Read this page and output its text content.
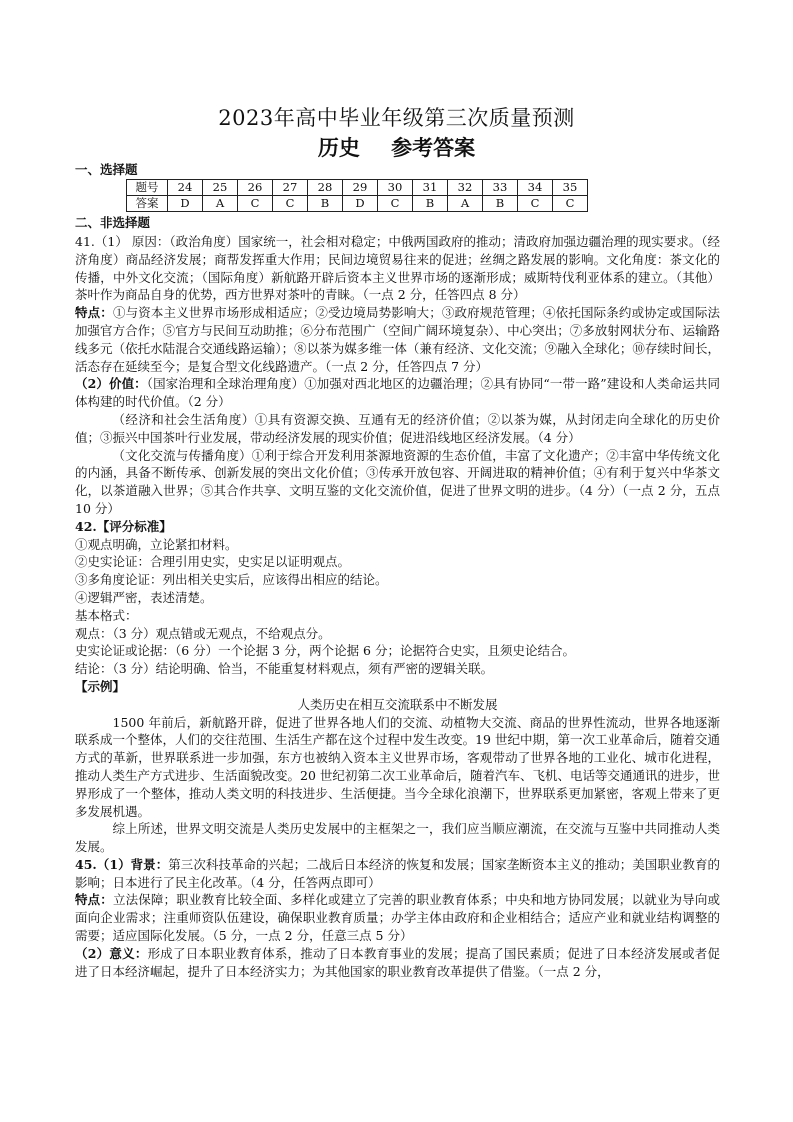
2023年高中毕业年级第三次质量预测
历史 参考答案
一、选择题
题号	24	25	26	27	28	29	30	31	32	33	34	35
答案	D	A	C	C	B	D	C	B	A	B	C	C
二、非选择题

41.（1） 原因：（政治角度）国家统一，社会相对稳定；中俄两国政府的推动；清政府加强边疆治理的现实要求。（经济角度）商品经济发展；商帮发挥重大作用；民间边境贸易往来的促进；丝绸之路发展的影响。文化角度：茶文化的传播，中外文化交流；（国际角度）新航路开辟后资本主义世界市场的逐渐形成；威斯特伐利亚体系的建立。（其他）茶叶作为商品自身的优势，西方世界对茶叶的青睐。（一点 2 分，任答四点 8 分）

特点：①与资本主义世界市场形成相适应；②受边境局势影响大；③政府规范管理；④依托国际条约或协定或国际法加强官方合作；⑤官方与民间互动助推；⑥分布范围广（空间广阔环境复杂）、中心突出；⑦多放射网状分布、运输路线多元（依托水陆混合交通线路运输）；⑧以茶为媒多维一体（兼有经济、文化交流；⑨融入全球化；⑩存续时间长，活态存在延续至今；是复合型文化线路遗产。（一点 2 分，任答四点 7 分）

（2）价值：（国家治理和全球治理角度）①加强对西北地区的边疆治理；②具有协同“一带一路”建设和人类命运共同体构建的时代价值。（2 分）

（经济和社会生活角度）①具有资源交换、互通有无的经济价值；②以茶为媒，从封闭走向全球化的历史价值；③振兴中国茶叶行业发展，带动经济发展的现实价值；促进沿线地区经济发展。（4 分）

（文化交流与传播角度）①利于综合开发利用茶源地资源的生态价值，丰富了文化遗产；②丰富中华传统文化的内涵，具备不断传承、创新发展的突出文化价值；③传承开放包容、开阔进取的精神价值；④有利于复兴中华茶文化，以茶道融入世界；⑤其合作共享、文明互鉴的文化交流价值，促进了世界文明的进步。（4 分）（一点 2 分，五点 10 分）

42.【评分标准】

①观点明确，立论紧扣材料。

②史实论证：合理引用史实，史实足以证明观点。

③多角度论证：列出相关史实后，应该得出相应的结论。

④逻辑严密，表述清楚。

基本格式：

观点：（3 分）观点错或无观点，不给观点分。

史实论证或论据：（6 分）一个论据 3 分，两个论据 6 分；论据符合史实，且须史论结合。

结论：（3 分）结论明确、恰当，不能重复材料观点，须有严密的逻辑关联。

【示例】

人类历史在相互交流联系中不断发展

1500 年前后，新航路开辟，促进了世界各地人们的交流、动植物大交流、商品的世界性流动，世界各地逐渐联系成一个整体，人们的交往范围、生活生产都在这个过程中发生改变。19 世纪中期，第一次工业革命后，随着交通方式的革新，世界联系进一步加强，东方也被纳入资本主义世界市场，客观带动了世界各地的工业化、城市化进程，推动人类生产方式进步、生活面貌改变。20 世纪初第二次工业革命后，随着汽车、飞机、电话等交通通讯的进步，世界形成了一个整体，推动人类文明的科技进步、生活便捷。当今全球化浪潮下，世界联系更加紧密，客观上带来了更多发展机遇。

综上所述，世界文明交流是人类历史发展中的主框架之一，我们应当顺应潮流，在交流与互鉴中共同推动人类发展。

45.（1）背景：第三次科技革命的兴起；二战后日本经济的恢复和发展；国家垄断资本主义的推动；美国职业教育的影响；日本进行了民主化改革。（4 分，任答两点即可）

特点：立法保障；职业教育比较全面、多样化或建立了完善的职业教育体系；中央和地方协同发展；以就业为导向或面向企业需求；注重师资队伍建设，确保职业教育质量；办学主体由政府和企业相结合；适应产业和就业结构调整的需要；适应国际化发展。（5 分，一点 2 分，任意三点 5 分）

（2）意义：形成了日本职业教育体系，推动了日本教育事业的发展；提高了国民素质；促进了日本经济发展或者促进了日本经济崛起，提升了日本经济实力；为其他国家的职业教育改革提供了借鉴。（一点 2 分，
